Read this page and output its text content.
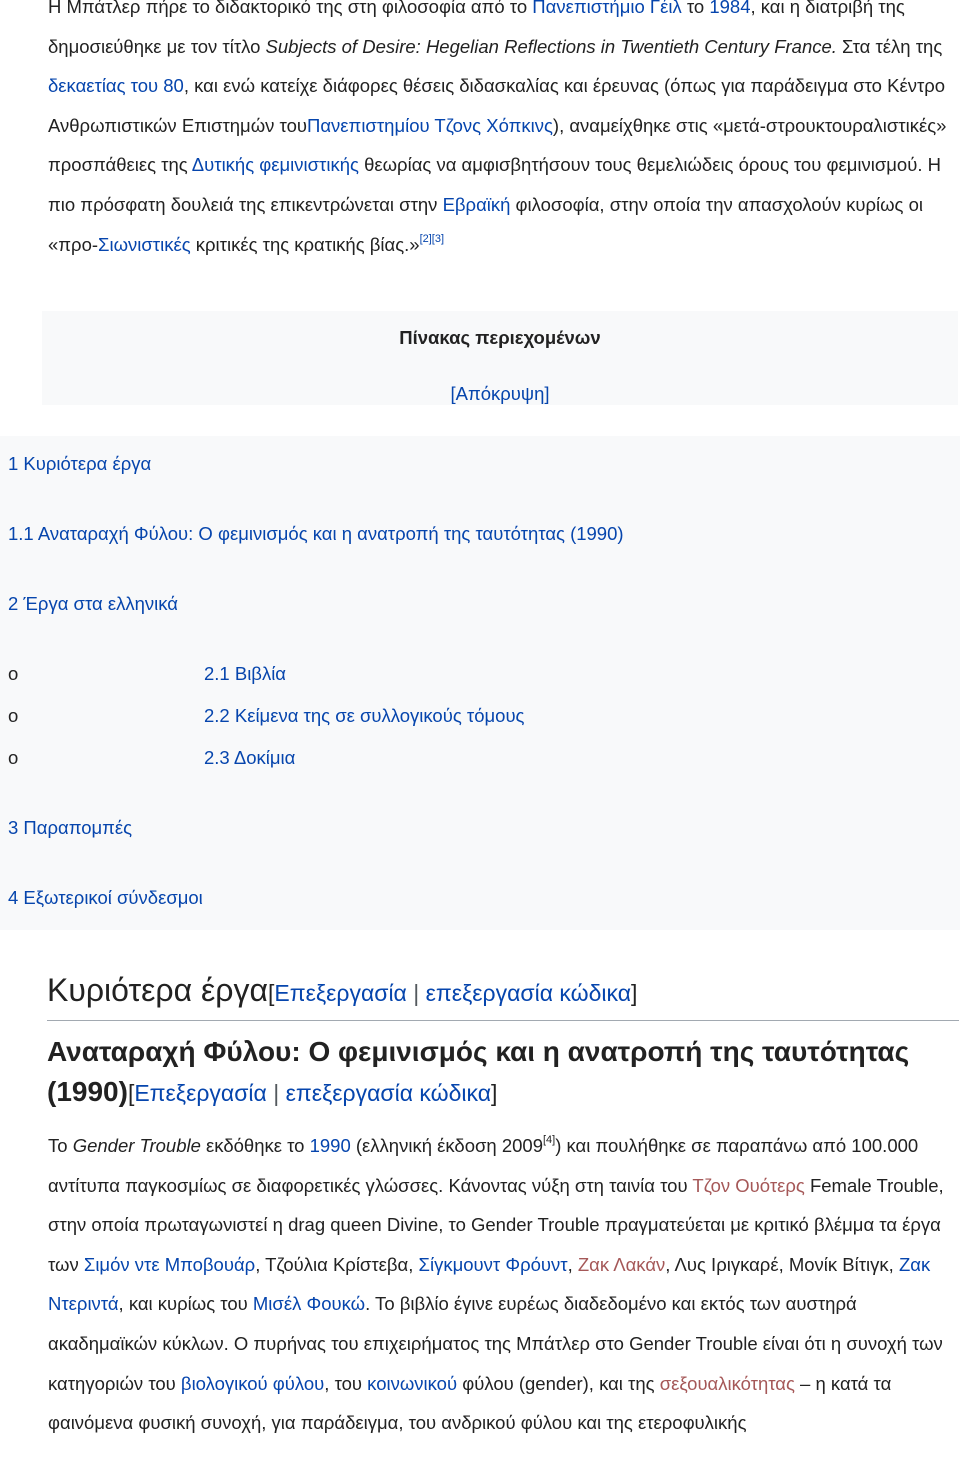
Η Μπάτλερ πήρε το διδακτορικό της στη φιλοσοφία από το Πανεπιστήμιο Γέιλ το 1984, και η διατριβή της δημοσιεύθηκε με τον τίτλο Subjects of Desire: Hegelian Reflections in Twentieth Century France. Στα τέλη της δεκαετίας του 80, και ενώ κατείχε διάφορες θέσεις διδασκαλίας και έρευνας (όπως για παράδειγμα στο Κέντρο Ανθρωπιστικών Επιστημών τουΠανεπιστημίου Τζονς Χόπκινς), αναμείχθηκε στις «μετά-στρουκτουραλιστικές» προσπάθειες της Δυτικής φεμινιστικής θεωρίας να αμφισβητήσουν τους θεμελιώδεις όρους του φεμινισμού. Η πιο πρόσφατη δουλειά της επικεντρώνεται στην Εβραϊκή φιλοσοφία, στην οποία την απασχολούν κυρίως οι «προ-Σιωνιστικές κριτικές της κρατικής βίας.»[2][3]

Πίνακας περιεχομένων
[Απόκρυψη]
1 Κυριότερα έργα
1.1 Αναταραχή Φύλου: Ο φεμινισμός και η ανατροπή της ταυτότητας (1990)
2 Έργα στα ελληνικά
o	2.1 Βιβλία
o	2.2 Κείμενα της σε συλλογικούς τόμους
o	2.3 Δοκίμια
3 Παραπομπές
4 Εξωτερικοί σύνδεσμοι
Κυριότερα έργα[Επεξεργασία | επεξεργασία κώδικα]
Αναταραχή Φύλου: Ο φεμινισμός και η ανατροπή της ταυτότητας (1990)[Επεξεργασία | επεξεργασία κώδικα]

Το Gender Trouble εκδόθηκε το 1990 (ελληνική έκδοση 2009[4]) και πουλήθηκε σε παραπάνω από 100.000 αντίτυπα παγκοσμίως σε διαφορετικές γλώσσες. Κάνοντας νύξη στη ταινία του Τζον Ουότερς Female Trouble, στην οποία πρωταγωνιστεί η drag queen Divine, το Gender Trouble πραγματεύεται με κριτικό βλέμμα τα έργα των Σιμόν ντε Μποβουάρ, Τζούλια Κρίστεβα, Σίγκμουντ Φρόυντ, Ζακ Λακάν, Λυς Ιριγκαρέ, Μονίκ Βίτιγκ, Ζακ Ντεριντά, και κυρίως του Μισέλ Φουκώ. Το βιβλίο έγινε ευρέως διαδεδομένο και εκτός των αυστηρά ακαδημαϊκών κύκλων. Ο πυρήνας του επιχειρήματος της Μπάτλερ στο Gender Trouble είναι ότι η συνοχή των κατηγοριών του βιολογικού φύλου, του κοινωνικού φύλου (gender), και της σεξουαλικότητας – η κατά τα φαινόμενα φυσική συνοχή, για παράδειγμα, του ανδρικού φύλου και της ετεροφυλικής
